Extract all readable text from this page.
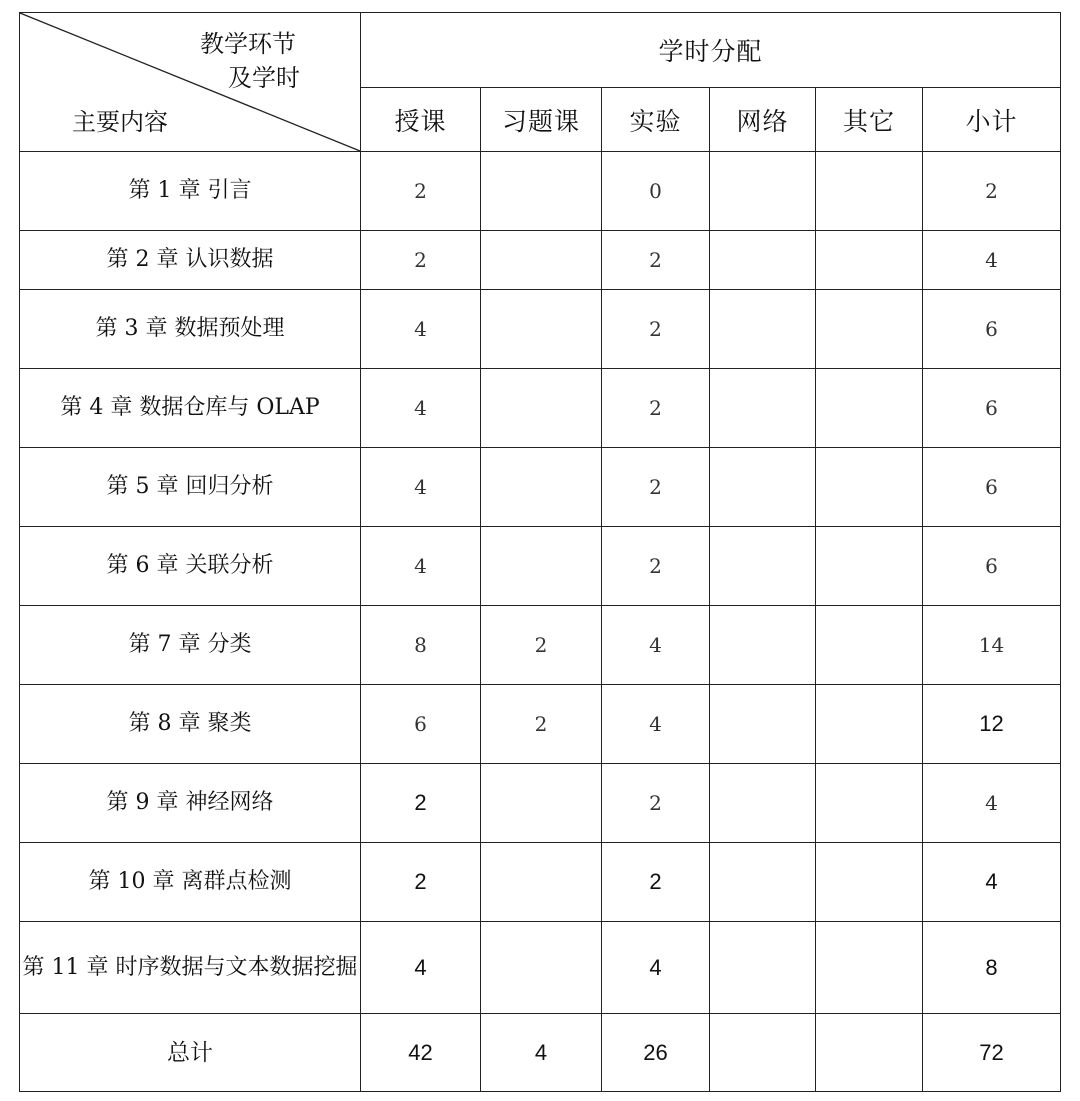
教学环节
及学时
主要内容	学时分配					
	授课	习题课	实验	网络	其它	小计
第 1 章 引言	2		0			2
第 2 章 认识数据	2		2			4
第 3 章 数据预处理	4		2			6
第 4 章 数据仓库与 OLAP	4		2			6
第 5 章 回归分析	4		2			6
第 6 章 关联分析	4		2			6
第 7 章 分类	8	2	4			14
第 8 章 聚类	6	2	4			12
第 9 章 神经网络	2		2			4
第 10 章 离群点检测	2		2			4
第 11 章 时序数据与文本数据挖掘	4		4			8
总计	42	4	26			72
